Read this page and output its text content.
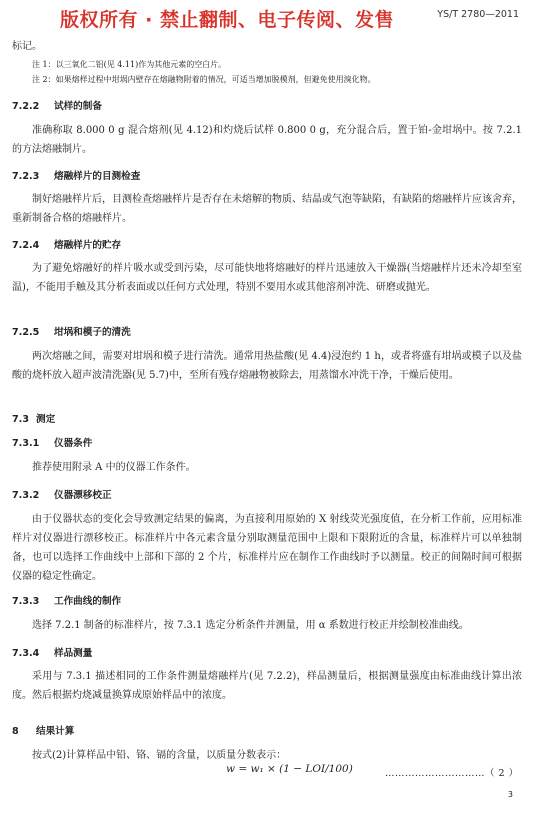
版权所有 · 禁止翻制、电子传阅、发售	YS/T 2780—2011

标记。

注 1：以三氧化二铝(见 4.11)作为其他元素的空白片。

注 2：如果熔样过程中坩埚内壁存在熔融物附着的情况，可适当增加脱模剂，但避免使用溴化物。

7.2.2 试样的制备

准确称取 8.000 0 g 混合熔剂(见 4.12)和灼烧后试样 0.800 0 g，充分混合后，置于铂-金坩埚中。按 7.2.1 的方法熔融制片。

7.2.3 熔融样片的目测检查

制好熔融样片后，目测检查熔融样片是否存在未熔解的物质、结晶或气泡等缺陷，有缺陷的熔融样片应该舍弃，重新制备合格的熔融样片。

7.2.4 熔融样片的贮存

为了避免熔融好的样片吸水或受到污染，尽可能快地将熔融好的样片迅速放入干燥器(当熔融样片还未冷却至室温)，不能用手触及其分析表面或以任何方式处理，特别不要用水或其他溶剂冲洗、研磨或抛光。

7.2.5 坩埚和模子的清洗

两次熔融之间，需要对坩埚和模子进行清洗。通常用热盐酸(见 4.4)浸泡约 1 h，或者将盛有坩埚或模子以及盐酸的烧杯放入超声波清洗器(见 5.7)中，至所有残存熔融物被除去，用蒸馏水冲洗干净，干燥后使用。

7.3 测定
7.3.1 仪器条件

推荐使用附录 A 中的仪器工作条件。

7.3.2 仪器漂移校正

由于仪器状态的变化会导致测定结果的偏离，为直接利用原始的 X 射线荧光强度值，在分析工作前，应用标准样片对仪器进行漂移校正。标准样片中各元素含量分别取测量范围中上限和下限附近的含量，标准样片可以单独制备，也可以选择工作曲线中上部和下部的 2 个片，标准样片应在制作工作曲线时予以测量。校正的间隔时间可根据仪器的稳定性确定。

7.3.3 工作曲线的制作

选择 7.2.1 制备的标准样片，按 7.3.1 选定分析条件并测量，用 α 系数进行校正并绘制校准曲线。

7.3.4 样品测量

采用与 7.3.1 描述相同的工作条件测量熔融样片(见 7.2.2)，样品测量后，根据测量强度由标准曲线计算出浓度。然后根据灼烧减量换算成原始样品中的浓度。

8 结果计算

按式(2)计算样品中铅、铬、镉的含量，以质量分数表示：

w = w₁ × (1 − LOI/100)	…………………………（ 2 ）
3
